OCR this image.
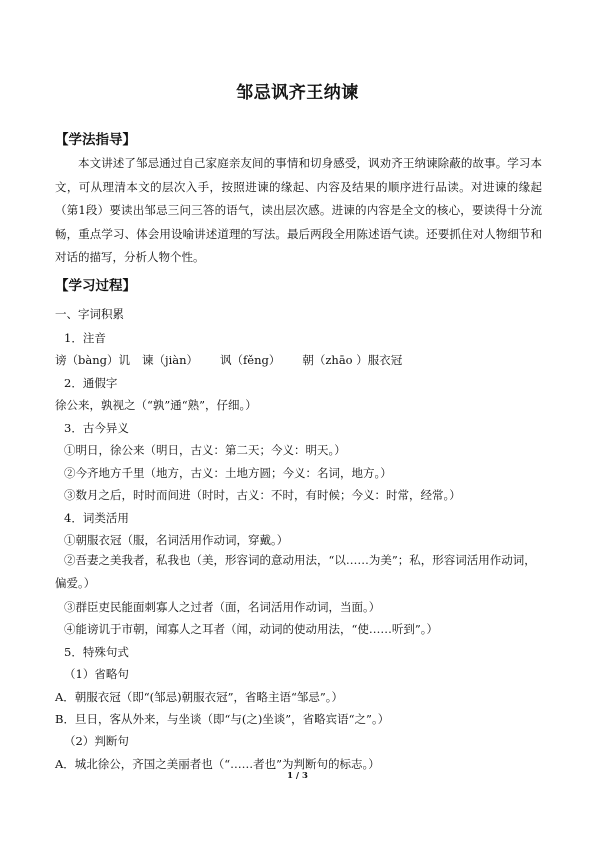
邹忌讽齐王纳谏
【学法指导】

本文讲述了邹忌通过自己家庭亲友间的事情和切身感受，讽劝齐王纳谏除蔽的故事。学习本文，可从理清本文的层次入手，按照进谏的缘起、内容及结果的顺序进行品读。对进谏的缘起（第1段）要读出邹忌三问三答的语气，读出层次感。进谏的内容是全文的核心，要读得十分流畅，重点学习、体会用设喻讲述道理的写法。最后两段全用陈述语气读。还要抓住对人物细节和对话的描写，分析人物个性。

【学习过程】
一、字词积累
1．注音
谤（bàng）讥 谏（jiàn） 讽（fěng） 朝（zhāo ）服衣冠
2．通假字
徐公来，孰视之（“孰”通“熟”，仔细。）
3．古今异义
①明日，徐公来（明日，古义：第二天；今义：明天。）
②今齐地方千里（地方，古义：土地方圆；今义：名词，地方。）
③数月之后，时时而间进（时时，古义：不时，有时候；今义：时常，经常。）
4．词类活用
①朝服衣冠（服，名词活用作动词，穿戴。）

②吾妻之美我者，私我也（美，形容词的意动用法，“以……为美”；私，形容词活用作动词，偏爱。）

③群臣吏民能面刺寡人之过者（面，名词活用作动词，当面。）
④能谤讥于市朝，闻寡人之耳者（闻，动词的使动用法，“使……听到”。）
5．特殊句式
（1）省略句
A．朝服衣冠（即“(邹忌)朝服衣冠”，省略主语“邹忌”。）
B．旦日，客从外来，与坐谈（即“与(之)坐谈”，省略宾语“之”。）
（2）判断句
A．城北徐公，齐国之美丽者也（“……者也”为判断句的标志。）
1 / 3
